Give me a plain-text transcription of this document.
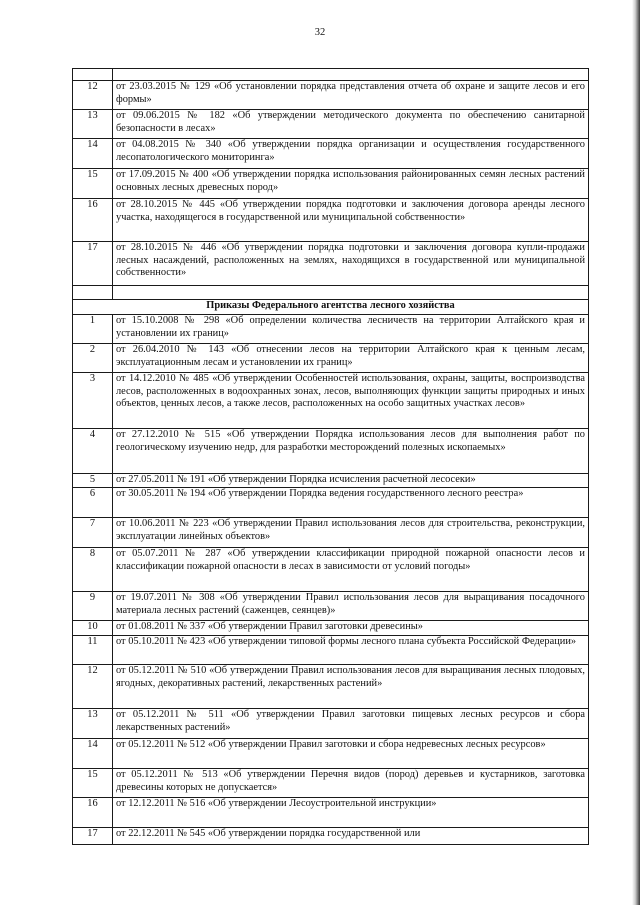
32

12	от 23.03.2015 № 129 «Об установлении порядка представления отчета об охране и защите лесов и его формы»
13	от 09.06.2015 № 182 «Об утверждении методического документа по обеспечению санитарной безопасности в лесах»
14	от 04.08.2015 № 340 «Об утверждении порядка организации и осуществления государственного лесопатологического мониторинга»
15	от 17.09.2015 № 400 «Об утверждении порядка использования районированных семян лесных растений основных лесных древесных пород»
16	от 28.10.2015 № 445 «Об утверждении порядка подготовки и заключения договора аренды лесного участка, находящегося в государственной или муниципальной собственности»
17	от 28.10.2015 № 446 «Об утверждении порядка подготовки и заключения договора купли-продажи лесных насаждений, расположенных на землях, находящихся в государственной или муниципальной собственности»

Приказы Федерального агентства лесного хозяйства	
1	от 15.10.2008 № 298 «Об определении количества лесничеств на территории Алтайского края и установлении их границ»
2	от 26.04.2010 № 143 «Об отнесении лесов на территории Алтайского края к ценным лесам, эксплуатационным лесам и установлении их границ»
3	от 14.12.2010 № 485 «Об утверждении Особенностей использования, охраны, защиты, воспроизводства лесов, расположенных в водоохранных зонах, лесов, выполняющих функции защиты природных и иных объектов, ценных лесов, а также лесов, расположенных на особо защитных участках лесов»
4	от 27.12.2010 № 515 «Об утверждении Порядка использования лесов для выполнения работ по геологическому изучению недр, для разработки месторождений полезных ископаемых»
5	от 27.05.2011 № 191 «Об утверждении Порядка исчисления расчетной лесосеки»
6	от 30.05.2011 № 194 «Об утверждении Порядка ведения государственного лесного реестра»
7	от 10.06.2011 № 223 «Об утверждении Правил использования лесов для строительства, реконструкции, эксплуатации линейных объектов»
8	от 05.07.2011 № 287 «Об утверждении классификации природной пожарной опасности лесов и классификации пожарной опасности в лесах в зависимости от условий погоды»
9	от 19.07.2011 № 308 «Об утверждении Правил использования лесов для выращивания посадочного материала лесных растений (саженцев, сеянцев)»
10	от 01.08.2011 № 337 «Об утверждении Правил заготовки древесины»
11	от 05.10.2011 № 423 «Об утверждении типовой формы лесного плана субъекта Российской Федерации»
12	от 05.12.2011 № 510 «Об утверждении Правил использования лесов для выращивания лесных плодовых, ягодных, декоративных растений, лекарственных растений»
13	от 05.12.2011 № 511 «Об утверждении Правил заготовки пищевых лесных ресурсов и сбора лекарственных растений»
14	от 05.12.2011 № 512 «Об утверждении Правил заготовки и сбора недревесных лесных ресурсов»
15	от 05.12.2011 № 513 «Об утверждении Перечня видов (пород) деревьев и кустарников, заготовка древесины которых не допускается»
16	от 12.12.2011 № 516 «Об утверждении Лесоустроительной инструкции»
17	от 22.12.2011 № 545 «Об утверждении порядка государственной или
